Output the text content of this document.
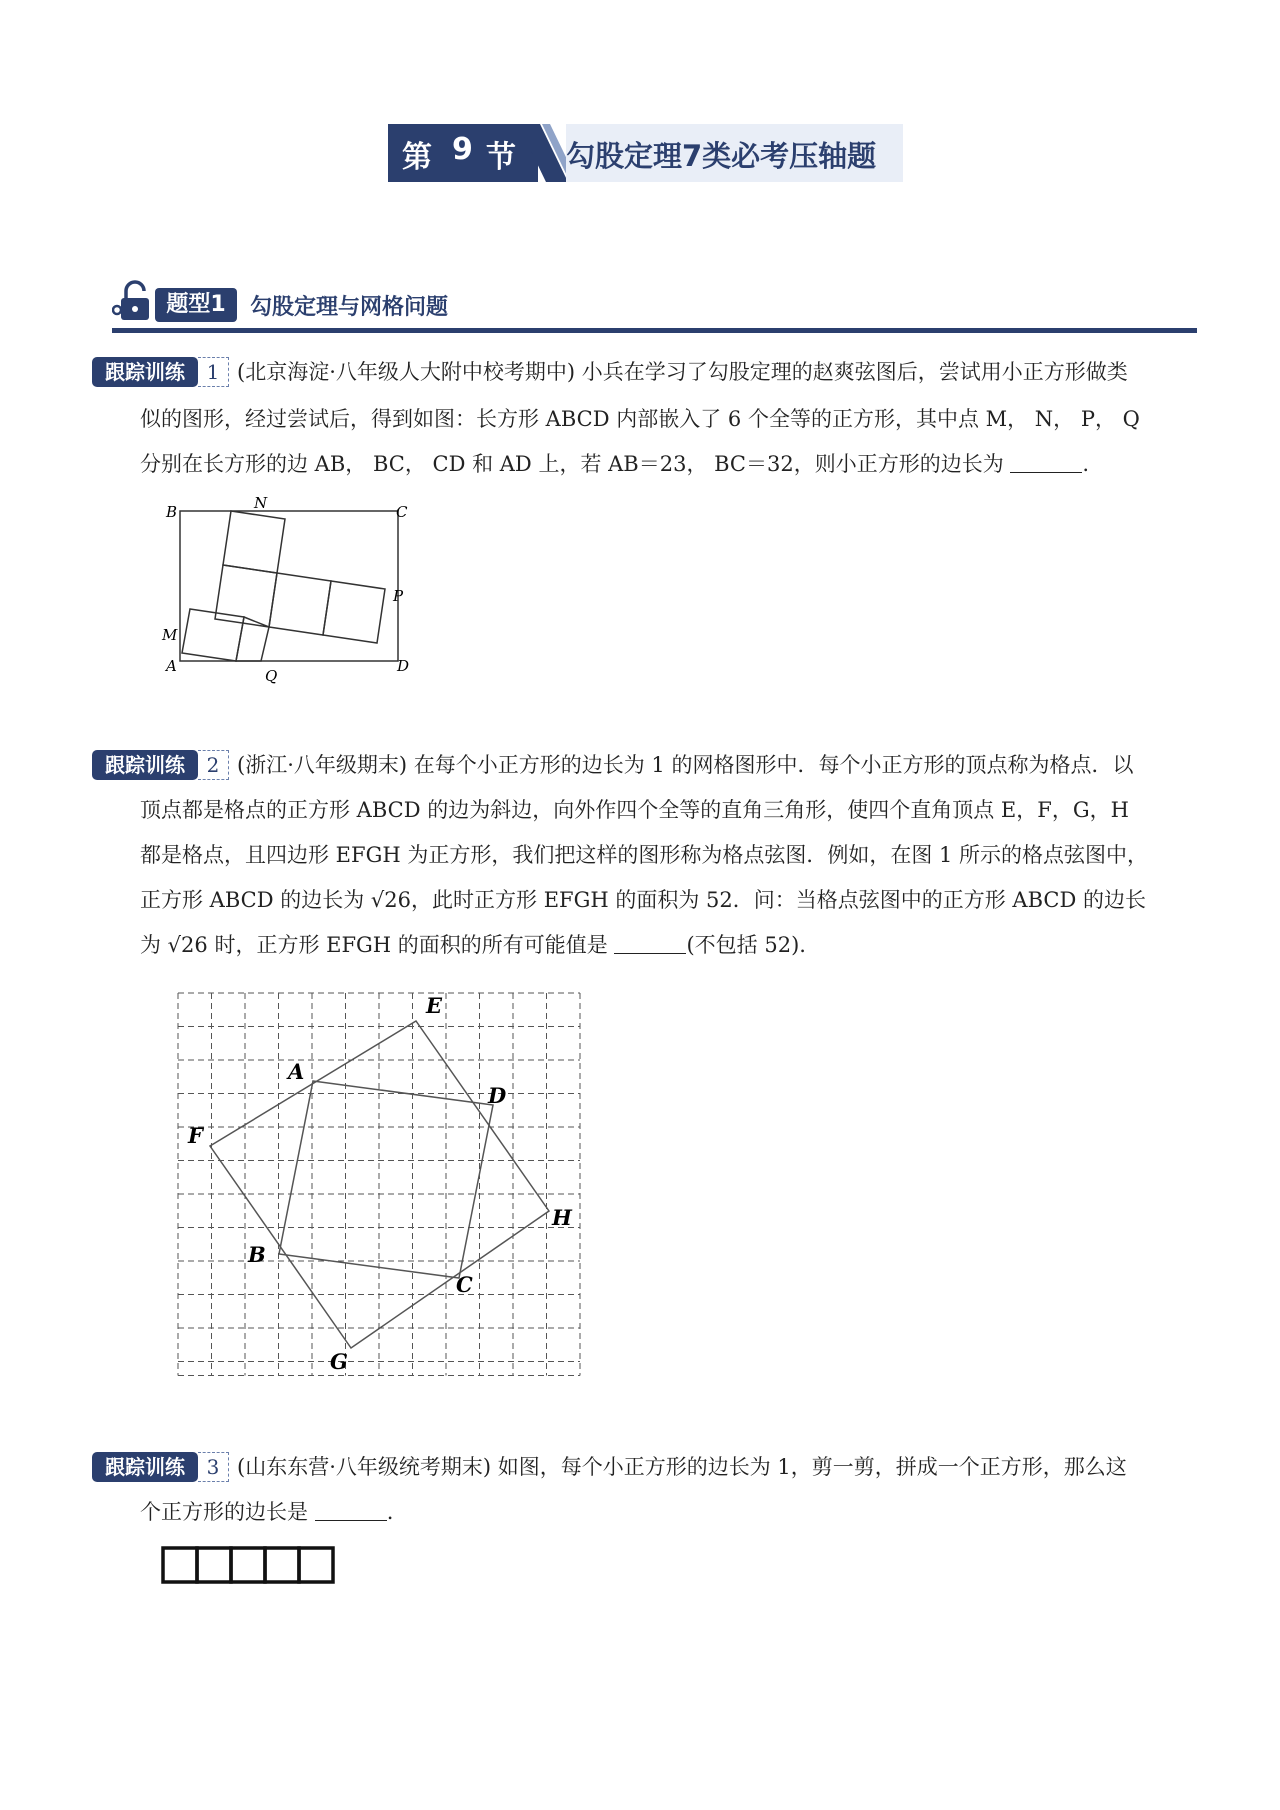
第 9 节 勾股定理7类必考压轴题
题型1	勾股定理与网格问题
跟踪训练	1 (北京海淀·八年级人大附中校考期中) 小兵在学习了勾股定理的赵爽弦图后，尝试用小正方形做类
似的图形，经过尝试后，得到如图：长方形 ABCD 内部嵌入了 6 个全等的正方形，其中点 M， N， P， Q
分别在长方形的边 AB， BC， CD 和 AD 上，若 AB＝23， BC＝32，则小正方形的边长为	.
B	N	C
P
M
A
Q
D
跟踪训练	2 (浙江·八年级期末) 在每个小正方形的边长为 1 的网格图形中．每个小正方形的顶点称为格点．以
顶点都是格点的正方形 ABCD 的边为斜边，向外作四个全等的直角三角形，使四个直角顶点 E，F，G，H
都是格点，且四边形 EFGH 为正方形，我们把这样的图形称为格点弦图．例如，在图 1 所示的格点弦图中，
正方形 ABCD 的边长为 √26，此时正方形 EFGH 的面积为 52．问：当格点弦图中的正方形 ABCD 的边长
为 √26 时，正方形 EFGH 的面积的所有可能值是	(不包括 52).
E
A
D
F
H
B
C
G
跟踪训练	3 (山东东营·八年级统考期末) 如图，每个小正方形的边长为 1，剪一剪，拼成一个正方形，那么这
个正方形的边长是	.
